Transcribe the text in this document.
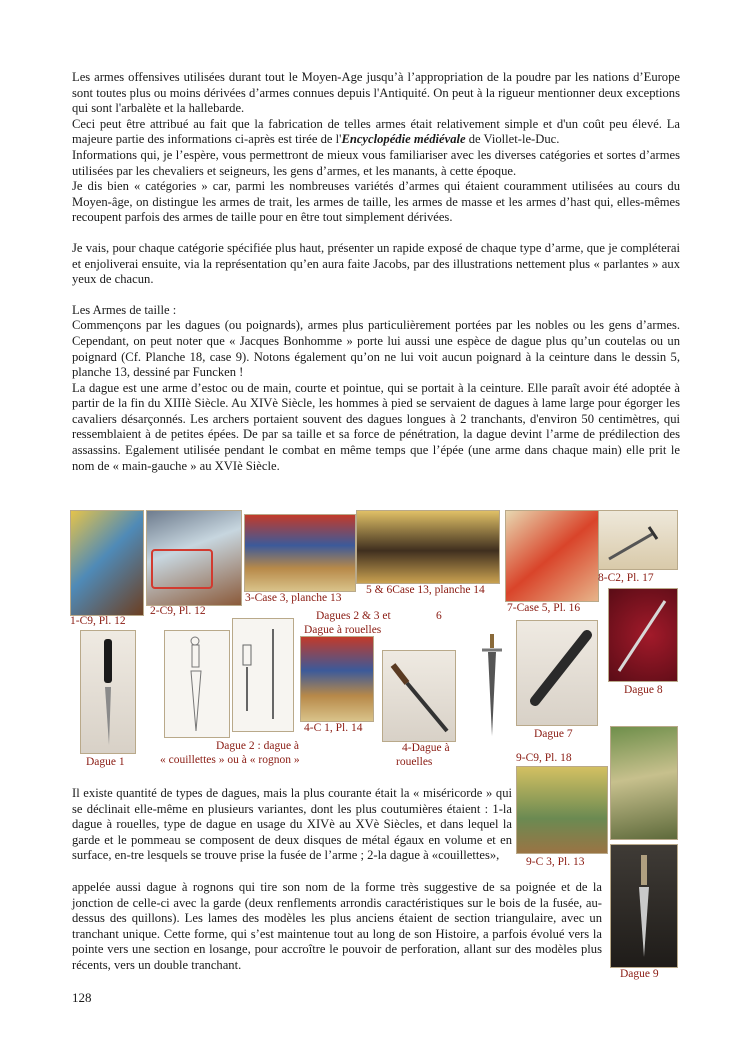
Les armes offensives utilisées durant tout le Moyen-Age jusqu’à l’appropriation de la poudre par les nations d’Europe sont toutes plus ou moins dérivées d’armes connues depuis l'Antiquité. On peut à la rigueur mentionner deux exceptions qui sont l'arbalète et la hallebarde.

Ceci peut être attribué au fait que la fabrication de telles armes était relativement simple et d'un coût peu élevé. La majeure partie des informations ci-après est tirée de l'Encyclopédie médiévale de Viollet-le-Duc.

Informations qui, je l’espère, vous permettront de mieux vous familiariser avec les diverses catégories et sortes d’armes utilisées par les chevaliers et seigneurs, les gens d’armes, et les manants, à cette époque.

Je dis bien « catégories » car, parmi les nombreuses variétés d’armes qui étaient couramment utilisées au cours du Moyen-âge, on distingue les armes de trait, les armes de taille, les armes de masse et les armes d’hast qui, elles-mêmes recoupent parfois des armes de taille pour en être tout simplement dérivées.

Je vais, pour chaque catégorie spécifiée plus haut, présenter un rapide exposé de chaque type d’arme, que je compléterai et enjoliverai ensuite, via la représentation qu’en aura faite Jacobs, par des illustrations nettement plus « parlantes » aux yeux de chacun.

Les Armes de taille :

Commençons par les dagues (ou poignards), armes plus particulièrement portées par les nobles ou les gens d’armes. Cependant, on peut noter que « Jacques Bonhomme » porte lui aussi une espèce de dague plus qu’un coutelas ou un poignard (Cf. Planche 18, case 9). Notons également qu’on ne lui voit aucun poignard à la ceinture dans le dessin 5, planche 13, dessiné par Funcken !

La dague est une arme d’estoc ou de main, courte et pointue, qui se portait à la ceinture. Elle paraît avoir été adoptée à partir de la fin du XIIIè Siècle. Au XIVè Siècle, les hommes à pied se servaient de dagues à lame large pour égorger les cavaliers désarçonnés. Les archers portaient souvent des dagues longues à 2 tranchants, d'environ 50 centimètres, qui ressemblaient à de petites épées. De par sa taille et sa force de pénétration, la dague devint l’arme de prédilection des assassins. Egalement utilisée pendant le combat en même temps que l’épée (une arme dans chaque main) elle prit le nom de « main-gauche » au XVIè Siècle.

1-C9, Pl. 12
2-C9, Pl. 12
3-Case 3, planche 13
5 & 6Case 13, planche 14
7-Case 5, Pl. 16
8-C2, Pl. 17
Dagues 2 & 3 et
Dague à rouelles
6
Dague 8
Dague 1
Dague 2 : dague à
« couillettes » ou à « rognon »
4-C 1, Pl. 14
4-Dague à
rouelles
Dague 7
9-C9, Pl. 18
9-C 3, Pl. 13
Dague 9

Il existe quantité de types de dagues, mais la plus courante était la « miséricorde » qui se déclinait elle-même en plusieurs variantes, dont les plus coutumières étaient : 1-la dague à rouelles, type de dague en usage du XIVè au XVè Siècles, et dans lequel la garde et le pommeau se composent de deux disques de métal égaux en volume et en surface, en-tre lesquels se trouve prise la fusée de l’arme ; 2-la dague à «couillettes»,

appelée aussi dague à rognons qui tire son nom de la forme très suggestive de sa poignée et de la jonction de celle-ci avec la garde (deux renflements arrondis caractéristiques sur le bois de la fusée, au-dessus des quillons). Les lames des modèles les plus anciens étaient de section triangulaire, avec un tranchant unique. Cette forme, qui s’est maintenue tout au long de son Histoire, a parfois évolué vers la pointe vers une section en losange, pour accroître le pouvoir de perforation, allant sur des modèles plus récents, vers un double tranchant.

128
